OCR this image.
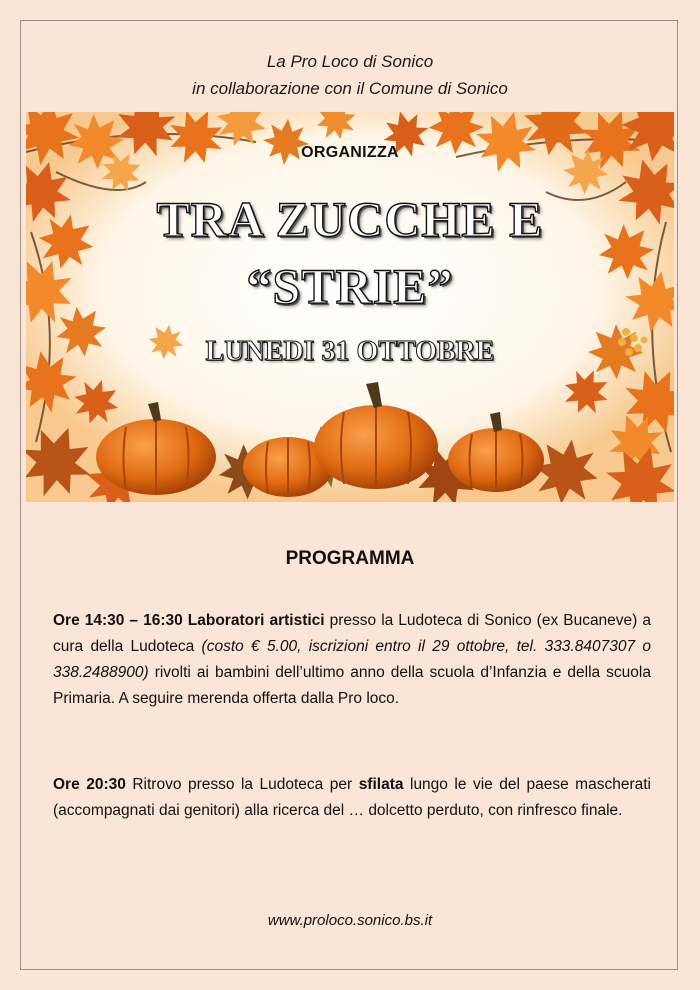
La Pro Loco di Sonico
in collaborazione con il Comune di Sonico
ORGANIZZA
TRA ZUCCHE E
“STRIE”
LUNEDI 31 OTTOBRE
PROGRAMMA
Ore 14:30 – 16:30 Laboratori artistici presso la Ludoteca di Sonico (ex Bucaneve) a cura della Ludoteca (costo € 5.00, iscrizioni entro il 29 ottobre, tel. 333.8407307 o 338.2488900) rivolti ai bambini dell’ultimo anno della scuola d’Infanzia e della scuola Primaria. A seguire merenda offerta dalla Pro loco.
Ore 20:30 Ritrovo presso la Ludoteca per sfilata lungo le vie del paese mascherati (accompagnati dai genitori) alla ricerca del … dolcetto perduto, con rinfresco finale.
www.proloco.sonico.bs.it
